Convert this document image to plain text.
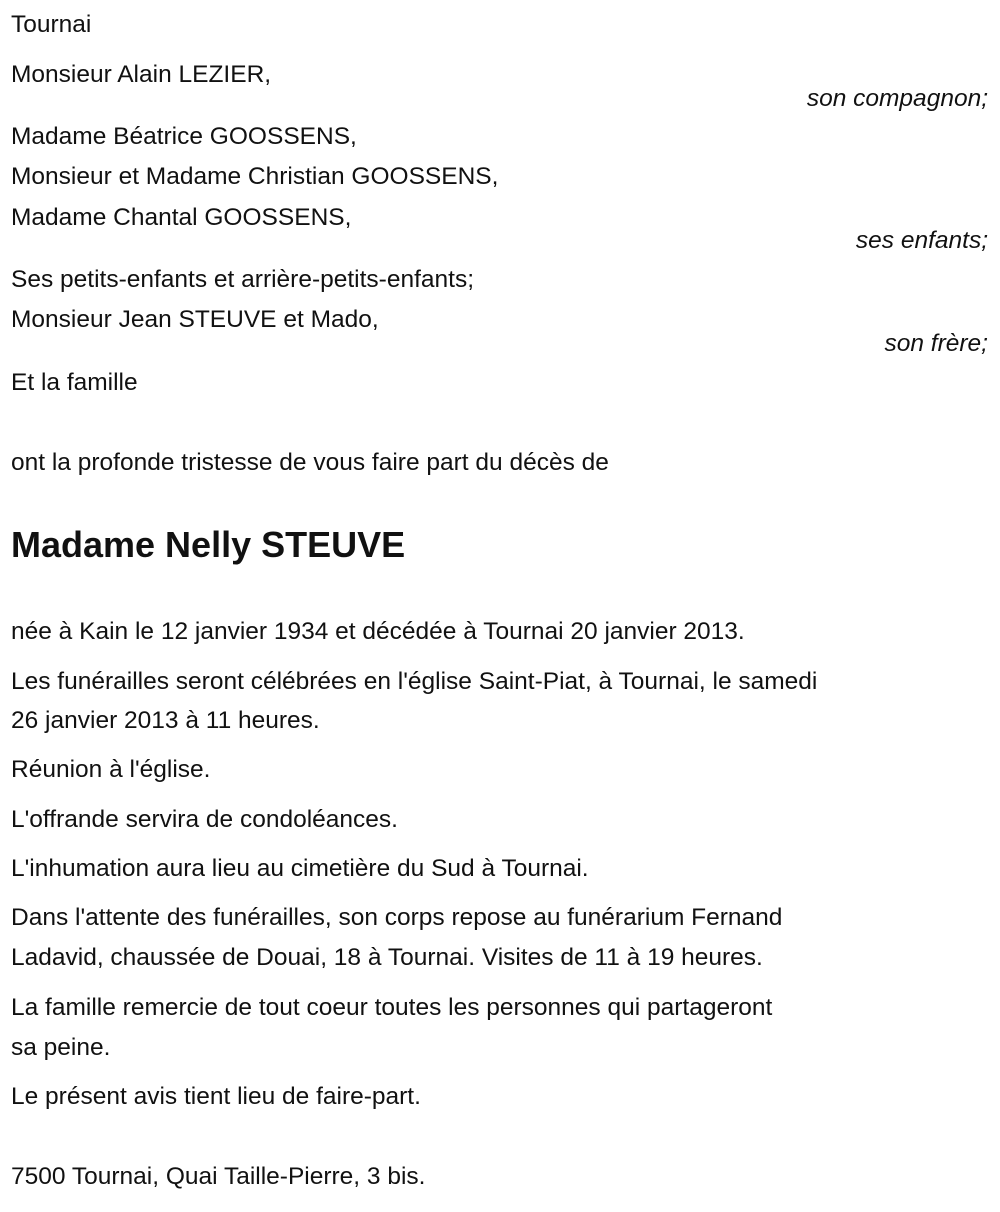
Tournai
Monsieur Alain LEZIER,
son compagnon;
Madame Béatrice GOOSSENS,
Monsieur et Madame Christian GOOSSENS,
Madame Chantal GOOSSENS,
ses enfants;
Ses petits-enfants et arrière-petits-enfants;
Monsieur Jean STEUVE et Mado,
son frère;
Et la famille
ont la profonde tristesse de vous faire part du décès de
Madame Nelly STEUVE
née à Kain le 12 janvier 1934 et décédée à Tournai 20 janvier 2013.
Les funérailles seront célébrées en l'église Saint-Piat, à Tournai, le samedi
26 janvier 2013 à 11 heures.
Réunion à l'église.
L'offrande servira de condoléances.
L'inhumation aura lieu au cimetière du Sud à Tournai.
Dans l'attente des funérailles, son corps repose au funérarium Fernand
Ladavid, chaussée de Douai, 18 à Tournai. Visites de 11 à 19 heures.
La famille remercie de tout coeur toutes les personnes qui partageront
sa peine.
Le présent avis tient lieu de faire-part.
7500 Tournai, Quai Taille-Pierre, 3 bis.
